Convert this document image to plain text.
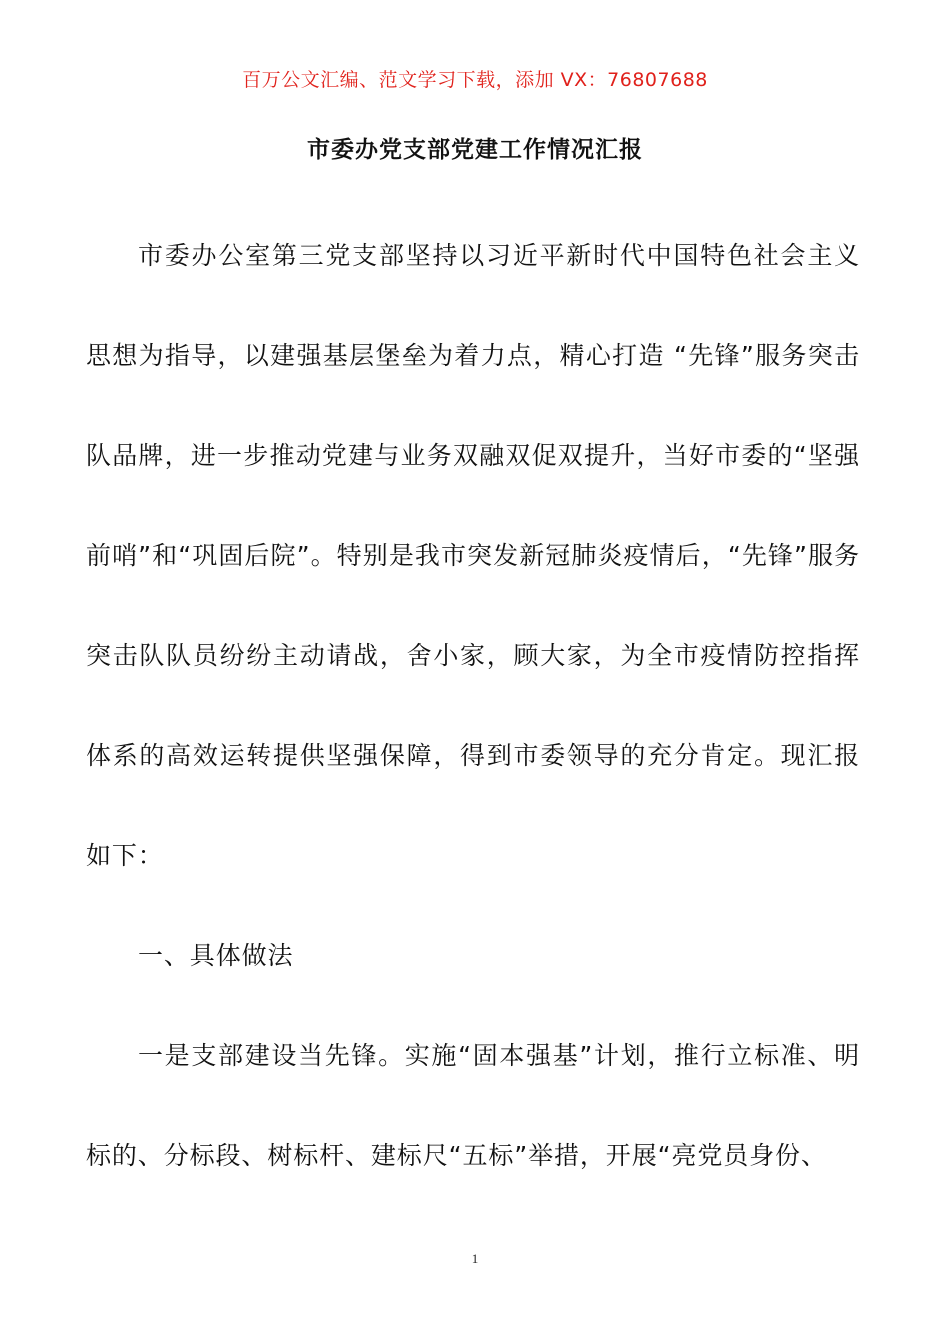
百万公文汇编、范文学习下载，添加 VX：76807688
市委办党支部党建工作情况汇报

市委办公室第三党支部坚持以习近平新时代中国特色社会主义思想为指导，以建强基层堡垒为着力点，精心打造 “先锋”服务突击队品牌，进一步推动党建与业务双融双促双提升，当好市委的“坚强前哨”和“巩固后院”。特别是我市突发新冠肺炎疫情后，“先锋”服务突击队队员纷纷主动请战，舍小家，顾大家，为全市疫情防控指挥体系的高效运转提供坚强保障，得到市委领导的充分肯定。现汇报如下：

一、具体做法

一是支部建设当先锋。实施“固本强基”计划，推行立标准、明标的、分标段、树标杆、建标尺“五标”举措，开展“亮党员身份、

1
